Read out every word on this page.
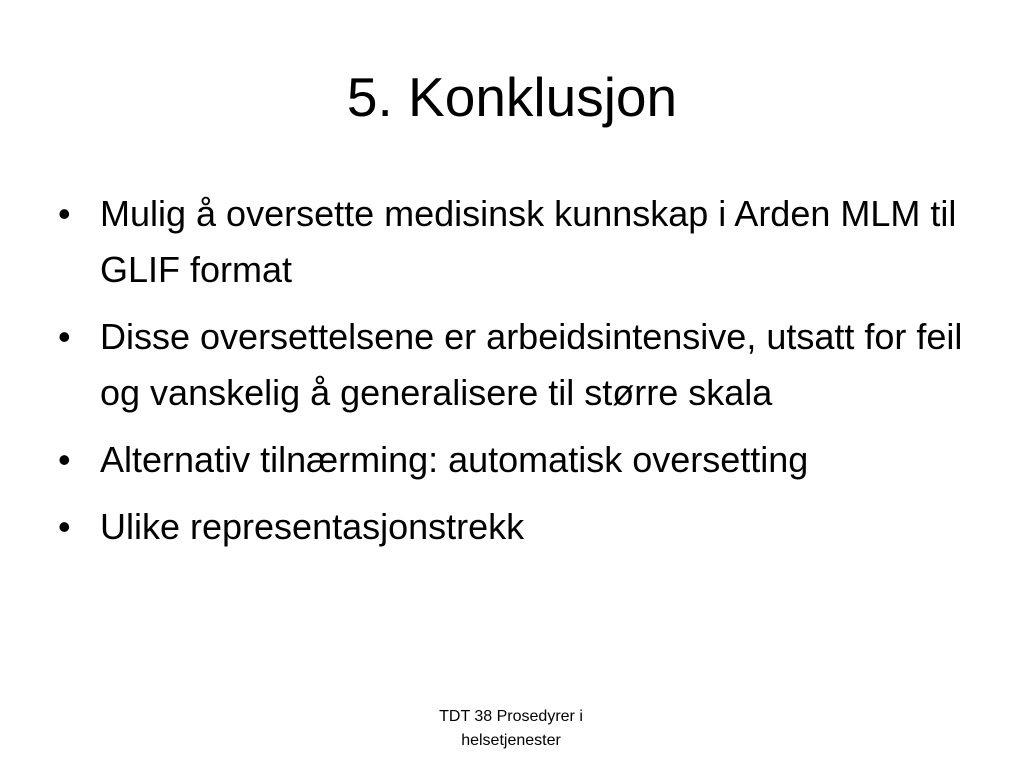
5. Konklusjon
• Mulig å oversette medisinsk kunnskap i Arden MLM til GLIF format
• Disse oversettelsene er arbeidsintensive, utsatt for feil og vanskelig å generalisere til større skala
• Alternativ tilnærming: automatisk oversetting
• Ulike representasjonstrekk
TDT 38 Prosedyrer i
helsetjenester
